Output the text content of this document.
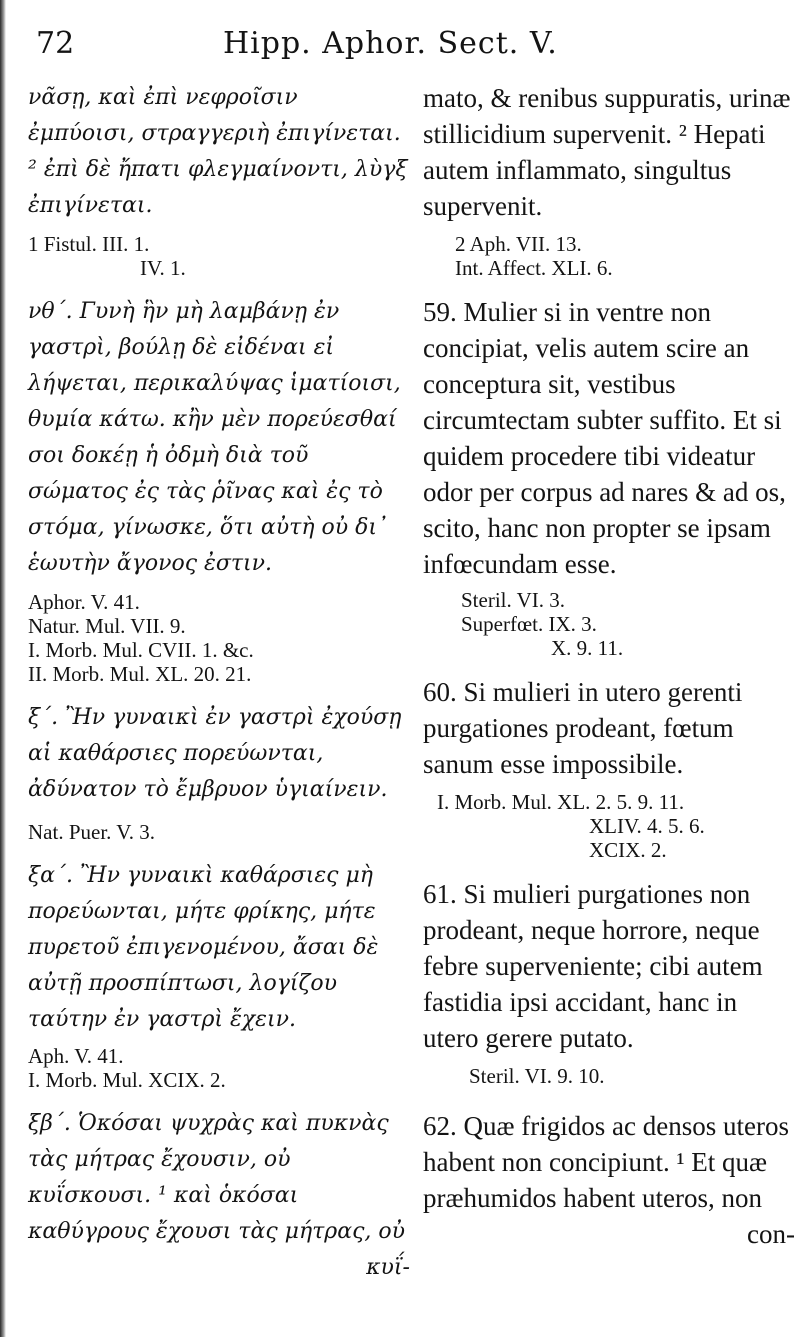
72	Hipp. Aphor. Sect. V.

νᾶσῃ, καὶ ἐπὶ νεφροῖσιν ἐμπύοισι, στραγγεριὴ ἐπιγίνεται. ² ἐπὶ δὲ ἤπατι φλεγμαίνοντι, λὺγξ ἐπιγίνεται.

1 Fistul. III. 1.
IV. 1.

νθ΄. Γυνὴ ἣν μὴ λαμβάνῃ ἐν γαστρὶ, βούλῃ δὲ εἰδέναι εἰ λήψεται, περικαλύψας ἱματίοισι, θυμία κάτω. κἢν μὲν πορεύεσθαί σοι δοκέῃ ἡ ὀδμὴ διὰ τοῦ σώματος ἐς τὰς ῥῖνας καὶ ἐς τὸ στόμα, γίνωσκε, ὅτι αὐτὴ οὐ δι᾽ ἑωυτὴν ἄγονος ἐστιν.

Aphor. V. 41.
Natur. Mul. VII. 9.
I. Morb. Mul. CVII. 1. &c.
II. Morb. Mul. XL. 20. 21.

ξ΄. Ἢν γυναικὶ ἐν γαστρὶ ἐχούσῃ αἱ καθάρσιες πορεύωνται, ἀδύνατον τὸ ἔμβρυον ὑγιαίνειν.

Nat. Puer. V. 3.

ξα΄. Ἢν γυναικὶ καθάρσιες μὴ πορεύωνται, μήτε φρίκης, μήτε πυρετοῦ ἐπιγενομένου, ἄσαι δὲ αὐτῇ προσπίπτωσι, λογίζου ταύτην ἐν γαστρὶ ἔχειν.

Aph. V. 41.
I. Morb. Mul. XCIX. 2.

ξβ΄. Ὁκόσαι ψυχρὰς καὶ πυκνὰς τὰς μήτρας ἔχουσιν, οὐ κυΐσκουσι. ¹ καὶ ὁκόσαι καθύγρους ἔχουσι τὰς μήτρας, οὐ

κυΐ-

mato, & renibus suppuratis, urinæ stillicidium supervenit. ² Hepati autem inflammato, singultus supervenit.

2 Aph. VII. 13.
Int. Affect. XLI. 6.

59. Mulier si in ventre non concipiat, velis autem scire an conceptura sit, vestibus circumtectam subter suffito. Et si quidem procedere tibi videatur odor per corpus ad nares & ad os, scito, hanc non propter se ipsam infœcundam esse.

Steril. VI. 3.
Superfœt. IX. 3.
X. 9. 11.

60. Si mulieri in utero gerenti purgationes prodeant, fœtum sanum esse impossibile.

I. Morb. Mul. XL. 2. 5. 9. 11.
XLIV. 4. 5. 6.
XCIX. 2.

61. Si mulieri purgationes non prodeant, neque horrore, neque febre superveniente; cibi autem fastidia ipsi accidant, hanc in utero gerere putato.

Steril. VI. 9. 10.

62. Quæ frigidos ac densos uteros habent non concipiunt. ¹ Et quæ præhumidos habent uteros, non

con-
